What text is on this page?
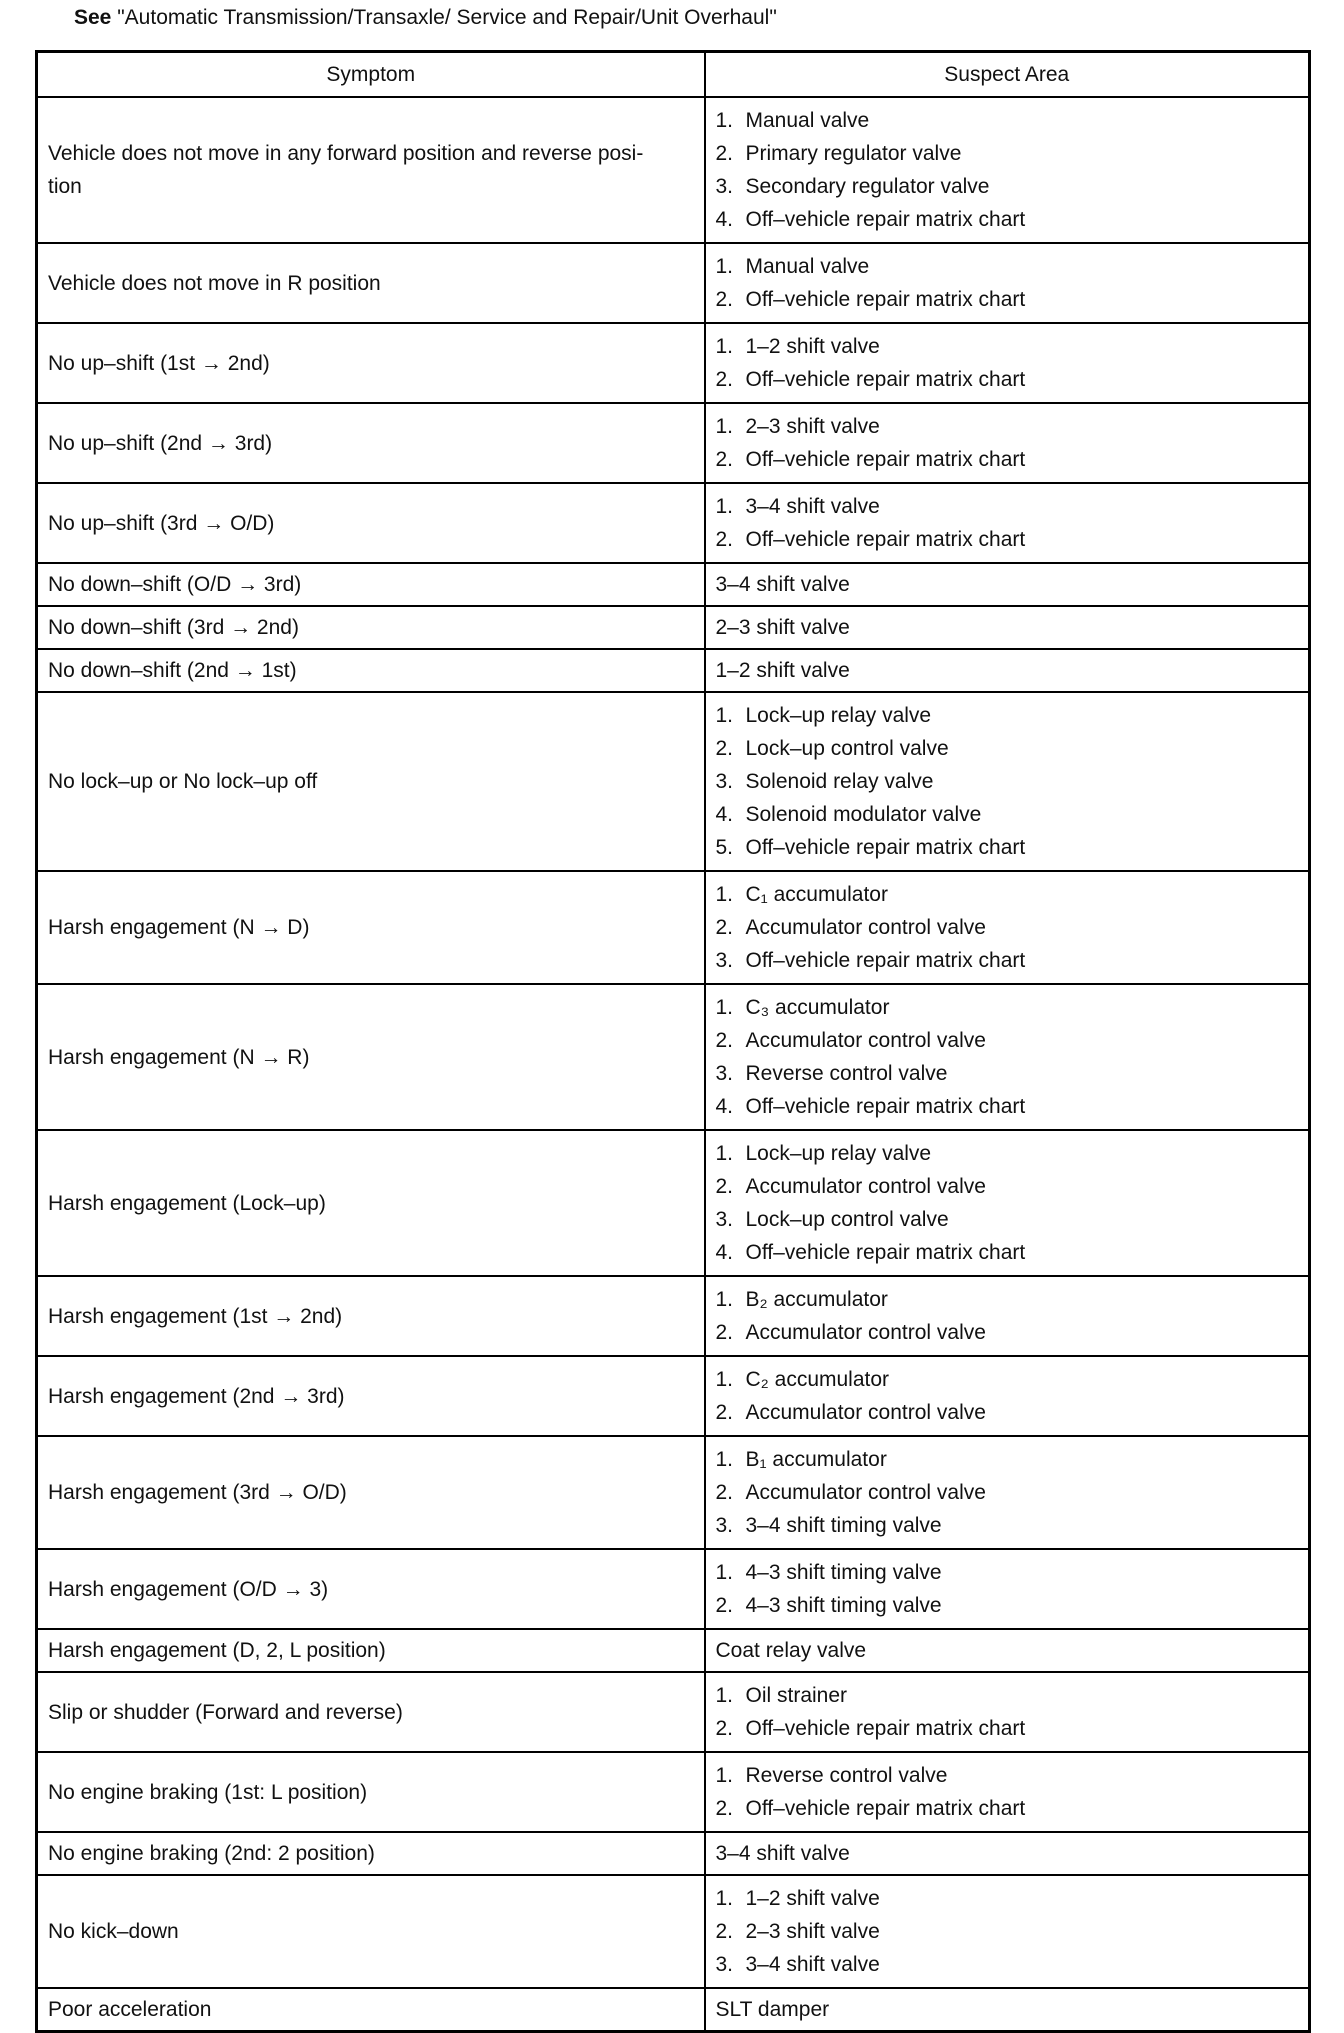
See "Automatic Transmission/Transaxle/ Service and Repair/Unit Overhaul"
Symptom	Suspect Area
Vehicle does not move in any forward position and reverse posi-
tion	1. Manual valve
2. Primary regulator valve
3. Secondary regulator valve
4. Off–vehicle repair matrix chart

Vehicle does not move in R position	1. Manual valve
2. Off–vehicle repair matrix chart

No up–shift (1st → 2nd)	1. 1–2 shift valve
2. Off–vehicle repair matrix chart

No up–shift (2nd → 3rd)	1. 2–3 shift valve
2. Off–vehicle repair matrix chart

No up–shift (3rd → O/D)	1. 3–4 shift valve
2. Off–vehicle repair matrix chart

No down–shift (O/D → 3rd)	3–4 shift valve
No down–shift (3rd → 2nd)	2–3 shift valve
No down–shift (2nd → 1st)	1–2 shift valve
No lock–up or No lock–up off	1. Lock–up relay valve
2. Lock–up control valve
3. Solenoid relay valve
4. Solenoid modulator valve
5. Off–vehicle repair matrix chart

Harsh engagement (N → D)	1. C₁ accumulator
2. Accumulator control valve
3. Off–vehicle repair matrix chart

Harsh engagement (N → R)	1. C₃ accumulator
2. Accumulator control valve
3. Reverse control valve
4. Off–vehicle repair matrix chart

Harsh engagement (Lock–up)	1. Lock–up relay valve
2. Accumulator control valve
3. Lock–up control valve
4. Off–vehicle repair matrix chart

Harsh engagement (1st → 2nd)	1. B₂ accumulator
2. Accumulator control valve

Harsh engagement (2nd → 3rd)	1. C₂ accumulator
2. Accumulator control valve

Harsh engagement (3rd → O/D)	1. B₁ accumulator
2. Accumulator control valve
3. 3–4 shift timing valve

Harsh engagement (O/D → 3)	1. 4–3 shift timing valve
2. 4–3 shift timing valve

Harsh engagement (D, 2, L position)	Coat relay valve
Slip or shudder (Forward and reverse)	1. Oil strainer
2. Off–vehicle repair matrix chart

No engine braking (1st: L position)	1. Reverse control valve
2. Off–vehicle repair matrix chart

No engine braking (2nd: 2 position)	3–4 shift valve
No kick–down	1. 1–2 shift valve
2. 2–3 shift valve
3. 3–4 shift valve

Poor acceleration	SLT damper
